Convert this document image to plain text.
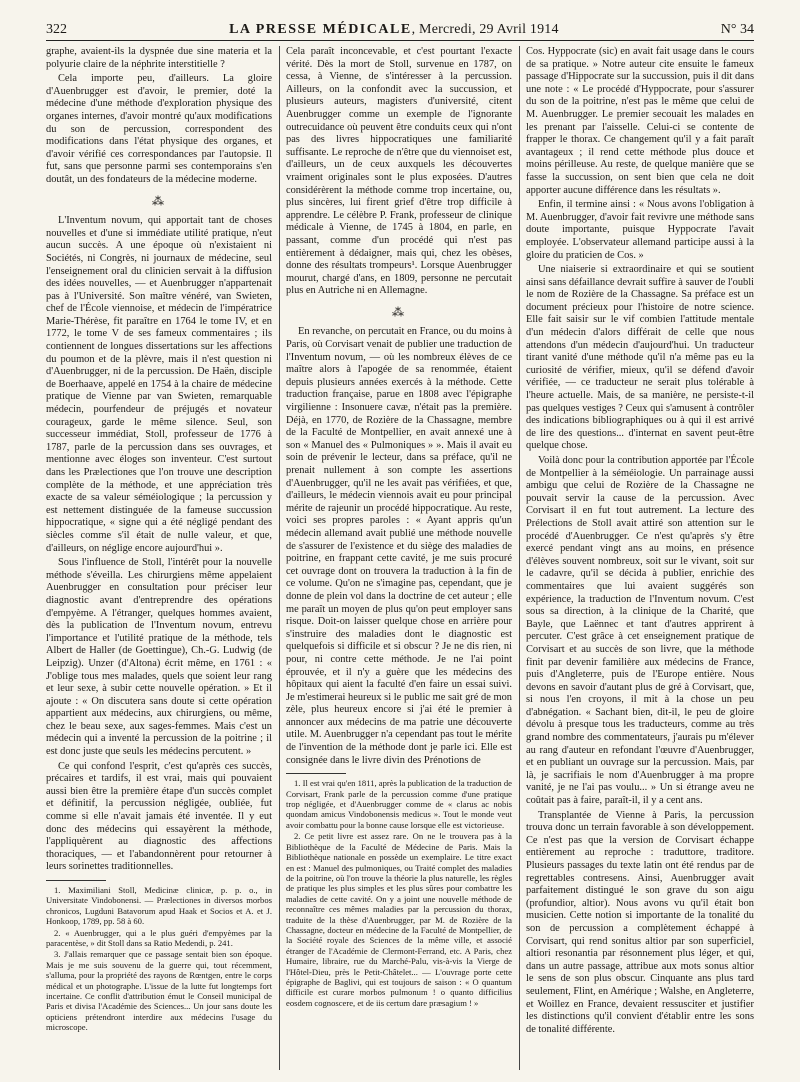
322	LA PRESSE MÉDICALE, Mercredi, 29 Avril 1914	N° 34

graphe, avaient-ils la dyspnée due sine materia et la polyurie claire de la néphrite interstitielle ?

Cela importe peu, d'ailleurs. La gloire d'Auenbrugger est d'avoir, le premier, doté la médecine d'une méthode d'exploration physique des organes internes, d'avoir montré qu'aux modifications du son de percussion, correspondent des modifications dans l'état physique des organes, et d'avoir vérifié ces correspondances par l'autopsie. Il fut, sans que personne parmi ses contemporains s'en doutât, un des fondateurs de la médecine moderne.

⁂

L'Inventum novum, qui apportait tant de choses nouvelles et d'une si immédiate utilité pratique, n'eut aucun succès. A une époque où n'existaient ni Sociétés, ni Congrès, ni journaux de médecine, seul l'enseignement oral du clinicien servait à la diffusion des idées nouvelles, — et Auenbrugger n'appartenait pas à l'Université. Son maître vénéré, van Swieten, chef de l'École viennoise, et médecin de l'impératrice Marie-Thérèse, fit paraître en 1764 le tome IV, et en 1772, le tome V de ses fameux commentaires ; ils contiennent de longues dissertations sur les affections du poumon et de la plèvre, mais il n'est question ni d'Auenbrugger, ni de la percussion. De Haën, disciple de Boerhaave, appelé en 1754 à la chaire de médecine pratique de Vienne par van Swieten, remarquable médecin, pourfendeur de préjugés et novateur courageux, garde le même silence. Seul, son successeur immédiat, Stoll, professeur de 1776 à 1787, parle de la percussion dans ses ouvrages, et mentionne avec éloges son inventeur. C'est surtout dans les Prælectiones que l'on trouve une description complète de la méthode, et une appréciation très exacte de sa valeur séméiologique ; la percussion y est nettement distinguée de la fameuse succussion hippocratique, « signe qui a été négligé pendant des siècles comme s'il était de nulle valeur, et que, d'ailleurs, on néglige encore aujourd'hui ».

Sous l'influence de Stoll, l'intérêt pour la nouvelle méthode s'éveilla. Les chirurgiens même appelaient Auenbrugger en consultation pour préciser leur diagnostic avant d'entreprendre des opérations d'empyème. A l'étranger, quelques hommes avaient, dès la publication de l'Inventum novum, entrevu l'importance et l'utilité pratique de la méthode, tels Albert de Haller (de Goettingue), Ch.-G. Ludwig (de Leipzig). Unzer (d'Altona) écrit même, en 1761 : « J'oblige tous mes malades, quels que soient leur rang et leur sexe, à subir cette nouvelle opération. » Et il ajoute : « On discutera sans doute si cette opération appartient aux médecins, aux chirurgiens, ou même, chez le beau sexe, aux sages-femmes. Mais c'est un médecin qui a inventé la percussion de la poitrine ; il est donc juste que seuls les médecins percutent. »

Ce qui confond l'esprit, c'est qu'après ces succès, précaires et tardifs, il est vrai, mais qui pouvaient aussi bien être la première étape d'un succès complet et définitif, la percussion négligée, oubliée, fut comme si elle n'avait jamais été inventée. Il y eut donc des médecins qui essayèrent la méthode, l'appliquèrent au diagnostic des affections thoraciques, — et l'abandonnèrent pour retourner à leurs sorinettes traditionnelles.

1. Maximiliani Stoll, Medicinæ clinicæ, p. p. o., in Universitate Vindobonensi. — Prælectiones in diversos morbos chronicos, Lugduni Batavorum apud Haak et Socios et A. et J. Honkoop, 1789, pp. 58 à 60.

2. « Auenbrugger, qui a le plus guéri d'empyèmes par la paracentèse, » dit Stoll dans sa Ratio Medendi, p. 241.

3. J'allais remarquer que ce passage sentait bien son époque. Mais je me suis souvenu de la guerre qui, tout récemment, s'alluma, pour la propriété des rayons de Rœntgen, entre le corps médical et un photographe. L'issue de la lutte fut longtemps fort incertaine. Ce conflit d'attribution émut le Conseil municipal de Paris et divisa l'Académie des Sciences... Un jour sans doute les opticiens prétendront interdire aux médecins l'usage du microscope.

Cela paraît inconcevable, et c'est pourtant l'exacte vérité. Dès la mort de Stoll, survenue en 1787, on cessa, à Vienne, de s'intéresser à la percussion. Ailleurs, on la confondit avec la succussion, et plusieurs auteurs, magisters d'université, citent Auenbrugger comme un exemple de l'ignorante outrecuidance où peuvent être conduits ceux qui n'ont pas des livres hippocratiques une familiarité suffisante. Le reproche de n'être que du viennoiset est, d'ailleurs, un de ceux auxquels les découvertes vraiment originales sont le plus exposées. D'autres considérèrent la méthode comme trop incertaine, ou, plus sincères, lui firent grief d'être trop difficile à apprendre. Le célèbre P. Frank, professeur de clinique médicale à Vienne, de 1745 à 1804, en parle, en passant, comme d'un procédé qui n'est pas entièrement à dédaigner, mais qui, chez les obèses, donne des résultats trompeurs¹. Lorsque Auenbrugger mourut, chargé d'ans, en 1809, personne ne percutait plus en Autriche ni en Allemagne.

⁂

En revanche, on percutait en France, ou du moins à Paris, où Corvisart venait de publier une traduction de l'Inventum novum, — où les nombreux élèves de ce maître alors à l'apogée de sa renommée, étaient depuis plusieurs années exercés à la méthode. Cette traduction française, parue en 1808 avec l'épigraphe virgilienne : Insonuere cavæ, n'était pas la première. Déjà, en 1770, de Rozière de la Chassagne, membre de la Faculté de Montpellier, en avait annexé une à son « Manuel des « Pulmoniques » ». Mais il avait eu soin de prévenir le lecteur, dans sa préface, qu'il ne prenait nullement à son compte les assertions d'Auenbrugger, qu'il ne les avait pas vérifiées, et que, d'ailleurs, le médecin viennois avait eu pour principal mérite de rajeunir un procédé hippocratique. Au reste, voici ses propres paroles : « Ayant appris qu'un médecin allemand avait publié une méthode nouvelle de s'assurer de l'existence et du siège des maladies de poitrine, en frappant cette cavité, je me suis procuré cet ouvrage dont on trouvera la traduction à la fin de ce volume. Qu'on ne s'imagine pas, cependant, que je donne de plein vol dans la doctrine de cet auteur ; elle me paraît un moyen de plus qu'on peut employer sans risque. Doit-on laisser quelque chose en arrière pour s'instruire des maladies dont le diagnostic est quelquefois si difficile et si obscur ? Je ne dis rien, ni pour, ni contre cette méthode. Je ne l'ai point éprouvée, et il n'y a guère que les médecins des hôpitaux qui aient la faculté d'en faire un essai suivi. Je m'estimerai heureux si le public me sait gré de mon zèle, plus heureux encore si j'ai été le premier à annoncer aux médecins de ma patrie une découverte utile. M. Auenbrugger n'a cependant pas tout le mérite de l'invention de la méthode dont je parle ici. Elle est consignée dans le livre divin des Prénotions de

1. Il est vrai qu'en 1811, après la publication de la traduction de Corvisart, Frank parle de la percussion comme d'une pratique trop négligée, et d'Auenbrugger comme de « clarus ac nobis quondam amicus Vindobonensis medicus ». Tout le monde veut avoir combattu pour la bonne cause lorsque elle est victorieuse.

2. Ce petit livre est assez rare. On ne le trouvera pas à la Bibliothèque de la Faculté de Médecine de Paris. Mais la Bibliothèque nationale en possède un exemplaire. Le titre exact en est : Manuel des pulmoniques, ou Traité complet des maladies de la poitrine, où l'on trouve la théorie la plus naturelle, les règles de pratique les plus simples et les plus sûres pour combattre les maladies de cette cavité. On y a joint une nouvelle méthode de reconnaître ces mêmes maladies par la percussion du thorax, traduite de la thèse d'Auenbrugger, par M. de Rozière de la Chassagne, docteur en médecine de la Faculté de Montpellier, de la Société royale des Sciences de la même ville, et associé étranger de l'Académie de Clermont-Ferrand, etc. A Paris, chez Humaire, libraire, rue du Marché-Palu, vis-à-vis la Vierge de l'Hôtel-Dieu, près le Petit-Châtelet... — L'ouvrage porte cette épigraphe de Baglivi, qui est toujours de saison : « O quantum difficile est curare morbos pulmonum ! o quanto difficilius eosdem cognoscere, et de iis certum dare præsagium ! »

Cos. Hyppocrate (sic) en avait fait usage dans le cours de sa pratique. » Notre auteur cite ensuite le fameux passage d'Hippocrate sur la succussion, puis il dit dans une note : « Le procédé d'Hyppocrate, pour s'assurer du son de la poitrine, n'est pas le même que celui de M. Auenbrugger. Le premier secouait les malades en les prenant par l'aisselle. Celui-ci se contente de frapper le thorax. Ce changement qu'il y a fait paraît avantageux ; il rend cette méthode plus douce et moins périlleuse. Au reste, de quelque manière que se fasse la succussion, on sent bien que cela ne doit apporter aucune différence dans les résultats ».

Enfin, il termine ainsi : « Nous avons l'obligation à M. Auenbrugger, d'avoir fait revivre une méthode sans doute importante, puisque Hyppocrate l'avait employée. L'observateur allemand participe aussi à la gloire du praticien de Cos. »

Une niaiserie si extraordinaire et qui se soutient ainsi sans défaillance devrait suffire à sauver de l'oubli le nom de Rozière de la Chassagne. Sa préface est un document précieux pour l'histoire de notre science. Elle fait saisir sur le vif combien l'attitude mentale d'un médecin d'alors différait de celle que nous attendons d'un médecin d'aujourd'hui. Un traducteur tirant vanité d'une méthode qu'il n'a même pas eu la curiosité de vérifier, mieux, qu'il se défend d'avoir vérifiée, — ce traducteur ne serait plus tolérable à l'heure actuelle. Mais, de sa manière, ne persiste-t-il pas quelques vestiges ? Ceux qui s'amusent à contrôler des indications bibliographiques ou à qui il est arrivé de lire des questions... d'internat en savent peut-être quelque chose.

Voilà donc pour la contribution apportée par l'École de Montpellier à la séméiologie. Un parrainage aussi ambigu que celui de Rozière de la Chassagne ne pouvait servir la cause de la percussion. Avec Corvisart il en fut tout autrement. La lecture des Prélections de Stoll avait attiré son attention sur le procédé d'Auenbrugger. Ce n'est qu'après s'y être exercé pendant vingt ans au moins, en présence d'élèves souvent nombreux, soit sur le vivant, soit sur le cadavre, qu'il se décida à publier, enrichie des commentaires que lui avaient suggérés son expérience, la traduction de l'Inventum novum. C'est sous sa direction, à la clinique de la Charité, que Bayle, que Laënnec et tant d'autres apprirent à percuter. C'est grâce à cet enseignement pratique de Corvisart et au succès de son livre, que la méthode finit par devenir familière aux médecins de France, puis d'Angleterre, puis de l'Europe entière. Nous devons en savoir d'autant plus de gré à Corvisart, que, si nous l'en croyons, il mit à la chose un peu d'abnégation. « Sachant bien, dit-il, le peu de gloire dévolu à presque tous les traducteurs, comme au très grand nombre des commentateurs, j'aurais pu m'élever au rang d'auteur en refondant l'œuvre d'Auenbrugger, et en publiant un ouvrage sur la percussion. Mais, par là, je sacrifiais le nom d'Auenbrugger à ma propre vanité, je ne l'ai pas voulu... » Un si étrange aveu ne coûtait pas à faire, paraît-il, il y a cent ans.

Transplantée de Vienne à Paris, la percussion trouva donc un terrain favorable à son développement. Ce n'est pas que la version de Corvisart échappe entièrement au reproche : traduttore, traditore. Plusieurs passages du texte latin ont été rendus par de regrettables contresens. Ainsi, Auenbrugger avait parfaitement distingué le son grave du son aigu (profundior, altior). Nous avons vu qu'il était bon musicien. Cette notion si importante de la tonalité du son de percussion a complètement échappé à Corvisart, qui rend sonitus altior par son superficiel, altiori resonantia par résonnement plus léger, et qui, dans un autre passage, attribue aux mots sonus altior le sens de son plus obscur. Cinquante ans plus tard seulement, Flint, en Amérique ; Walshe, en Angleterre, et Woillez en France, devaient ressusciter et justifier les distinctions qu'il convient d'établir entre les sons de tonalité différente.
